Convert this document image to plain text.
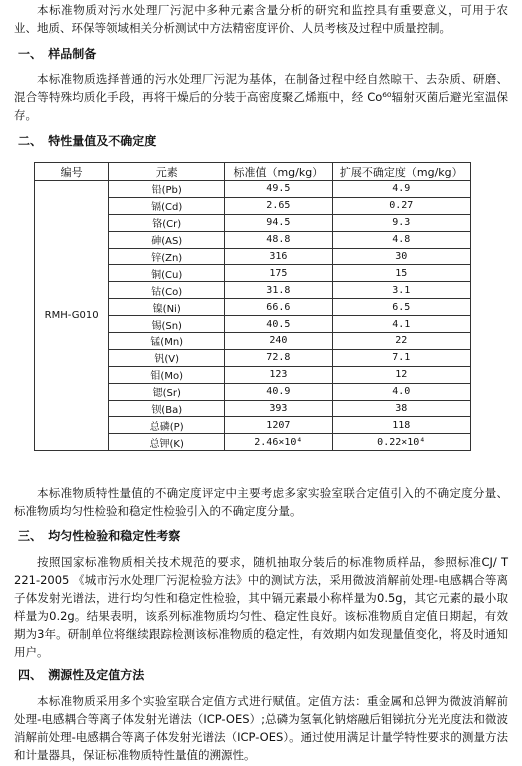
本标准物质对污水处理厂污泥中多种元素含量分析的研究和监控具有重要意义，可用于农业、地质、环保等领域相关分析测试中方法精密度评价、人员考核及过程中质量控制。

一、 样品制备

本标准物质选择普通的污水处理厂污泥为基体，在制备过程中经自然晾干、去杂质、研磨、混合等特殊均质化手段，再将干燥后的分装于高密度聚乙烯瓶中，经 Co⁶⁰辐射灭菌后避光室温保存。

二、 特性量值及不确定度
编号	元素	标准值（mg/kg）	扩展不确定度（mg/kg）
RMH-G010	铅(Pb)	49.5	4.9
	镉(Cd)	2.65	0.27
	铬(Cr)	94.5	9.3
	砷(AS)	48.8	4.8
	锌(Zn)	316	30
	铜(Cu)	175	15
	钴(Co)	31.8	3.1
	镍(Ni)	66.6	6.5
	锡(Sn)	40.5	4.1
	锰(Mn)	240	22
	钒(V)	72.8	7.1
	钼(Mo)	123	12
	锶(Sr)	40.9	4.0
	钡(Ba)	393	38
	总磷(P)	1207	118
	总钾(K)	2.46×10⁴	0.22×10⁴

本标准物质特性量值的不确定度评定中主要考虑多家实验室联合定值引入的不确定度分量、标准物质均匀性检验和稳定性检验引入的不确定度分量。

三、 均匀性检验和稳定性考察

按照国家标准物质相关技术规范的要求，随机抽取分装后的标准物质样品，参照标准CJ/ T 221-2005 《城市污水处理厂污泥检验方法》中的测试方法，采用微波消解前处理-电感耦合等离子体发射光谱法，进行均匀性和稳定性检验，其中镉元素最小称样量为0.5g，其它元素的最小取样量为0.2g。结果表明，该系列标准物质均匀性、稳定性良好。该标准物质自定值日期起，有效期为3年。研制单位将继续跟踪检测该标准物质的稳定性，有效期内如发现量值变化，将及时通知用户。

四、 溯源性及定值方法

本标准物质采用多个实验室联合定值方式进行赋值。定值方法：重金属和总钾为微波消解前处理-电感耦合等离子体发射光谱法（ICP-OES）;总磷为氢氧化钠熔融后钼锑抗分光光度法和微波消解前处理-电感耦合等离子体发射光谱法（ICP-OES）。通过使用满足计量学特性要求的测量方法和计量器具，保证标准物质特性量值的溯源性。
